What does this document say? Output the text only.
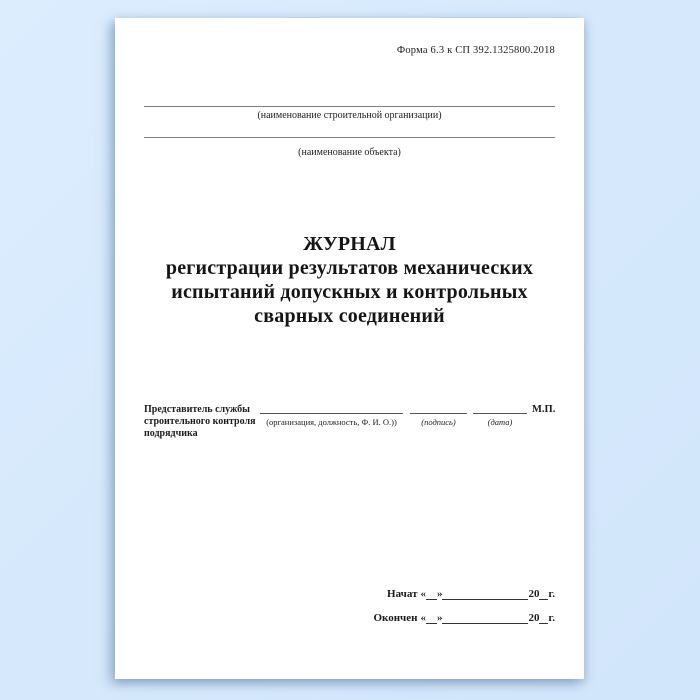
Форма 6.3 к СП 392.1325800.2018
(наименование строительной организации)
(наименование объекта)
ЖУРНАЛ
регистрации результатов механических
испытаний допускных и контрольных
сварных соединений
Представитель службы
строительного контроля
подрядчика
(организация, должность, Ф. И. О.))	(подпись)	(дата)
М.П.
Начат « »	20 г.
Окончен « »	20 г.
